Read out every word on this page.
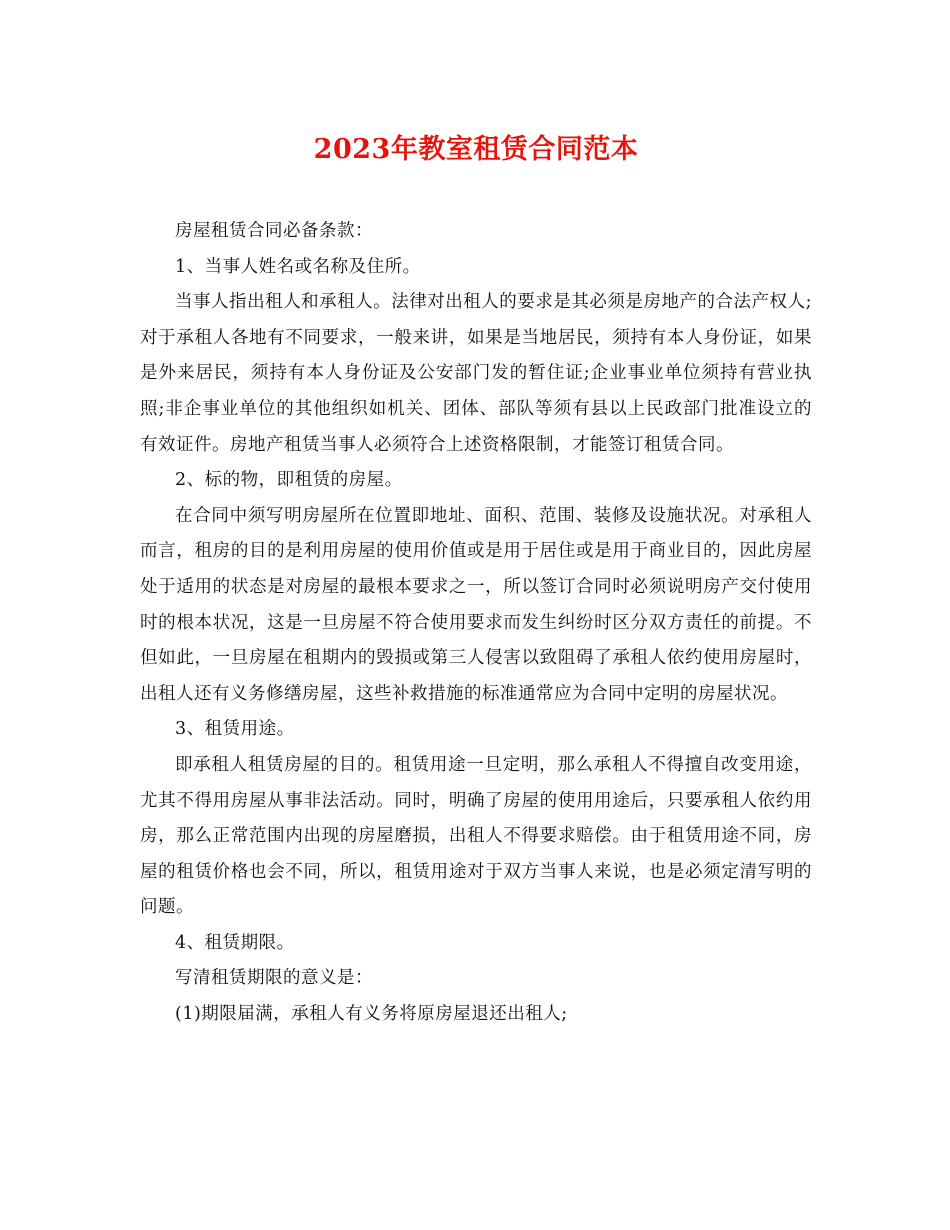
2023年教室租赁合同范本

房屋租赁合同必备条款：

1、当事人姓名或名称及住所。

当事人指出租人和承租人。法律对出租人的要求是其必须是房地产的合法产权人;对于承租人各地有不同要求，一般来讲，如果是当地居民，须持有本人身份证，如果是外来居民，须持有本人身份证及公安部门发的暂住证;企业事业单位须持有营业执照;非企事业单位的其他组织如机关、团体、部队等须有县以上民政部门批准设立的有效证件。房地产租赁当事人必须符合上述资格限制，才能签订租赁合同。

2、标的物，即租赁的房屋。

在合同中须写明房屋所在位置即地址、面积、范围、装修及设施状况。对承租人而言，租房的目的是利用房屋的使用价值或是用于居住或是用于商业目的，因此房屋处于适用的状态是对房屋的最根本要求之一，所以签订合同时必须说明房产交付使用时的根本状况，这是一旦房屋不符合使用要求而发生纠纷时区分双方责任的前提。不但如此，一旦房屋在租期内的毁损或第三人侵害以致阻碍了承租人依约使用房屋时，出租人还有义务修缮房屋，这些补救措施的标准通常应为合同中定明的房屋状况。

3、租赁用途。

即承租人租赁房屋的目的。租赁用途一旦定明，那么承租人不得擅自改变用途，尤其不得用房屋从事非法活动。同时，明确了房屋的使用用途后，只要承租人依约用房，那么正常范围内出现的房屋磨损，出租人不得要求赔偿。由于租赁用途不同，房屋的租赁价格也会不同，所以，租赁用途对于双方当事人来说，也是必须定清写明的问题。

4、租赁期限。

写清租赁期限的意义是：

(1)期限届满，承租人有义务将原房屋退还出租人;
